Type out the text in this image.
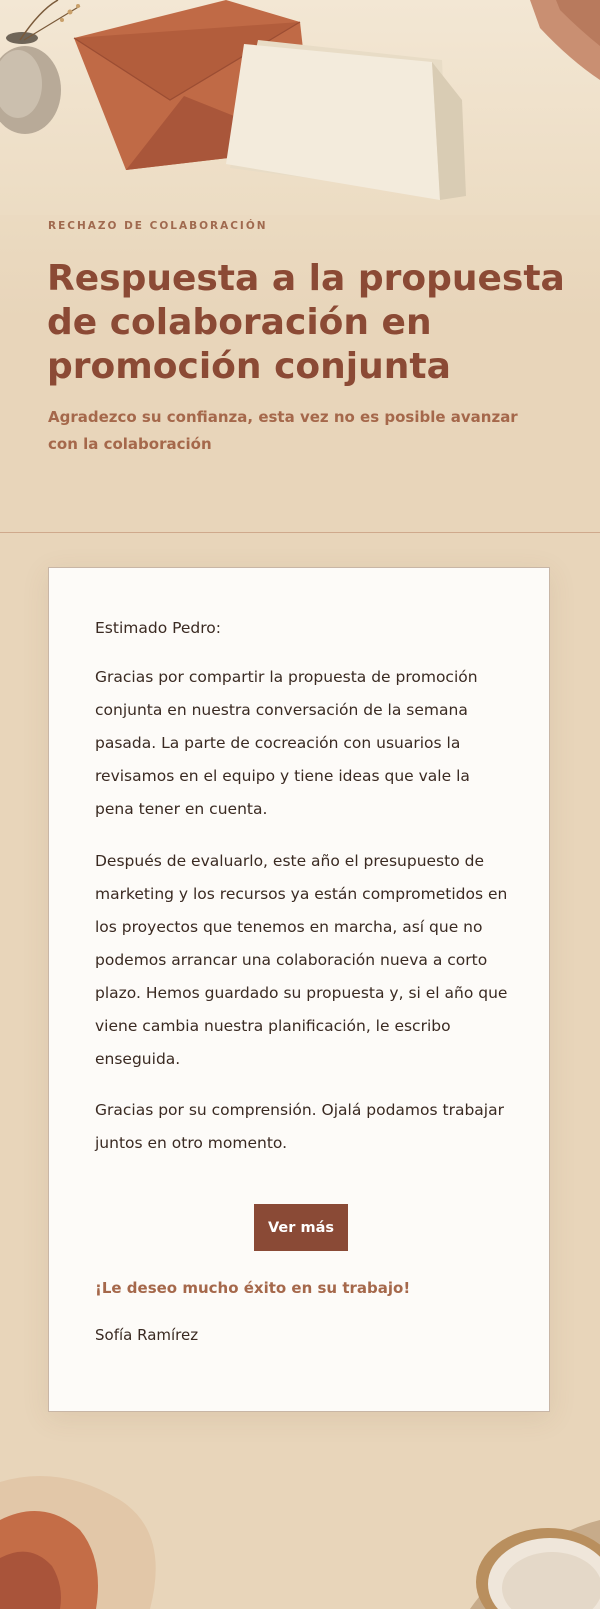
RECHAZO DE COLABORACIÓN
Respuesta a la propuesta de colaboración en promoción conjunta

Agradezco su confianza, esta vez no es posible avanzar con la colaboración

Estimado Pedro:

Gracias por compartir la propuesta de promoción conjunta en nuestra conversación de la semana pasada. La parte de cocreación con usuarios la revisamos en el equipo y tiene ideas que vale la pena tener en cuenta.

Después de evaluarlo, este año el presupuesto de marketing y los recursos ya están comprometidos en los proyectos que tenemos en marcha, así que no podemos arrancar una colaboración nueva a corto plazo. Hemos guardado su propuesta y, si el año que viene cambia nuestra planificación, le escribo enseguida.

Gracias por su comprensión. Ojalá podamos trabajar juntos en otro momento.

Ver más

¡Le deseo mucho éxito en su trabajo!

Sofía Ramírez
